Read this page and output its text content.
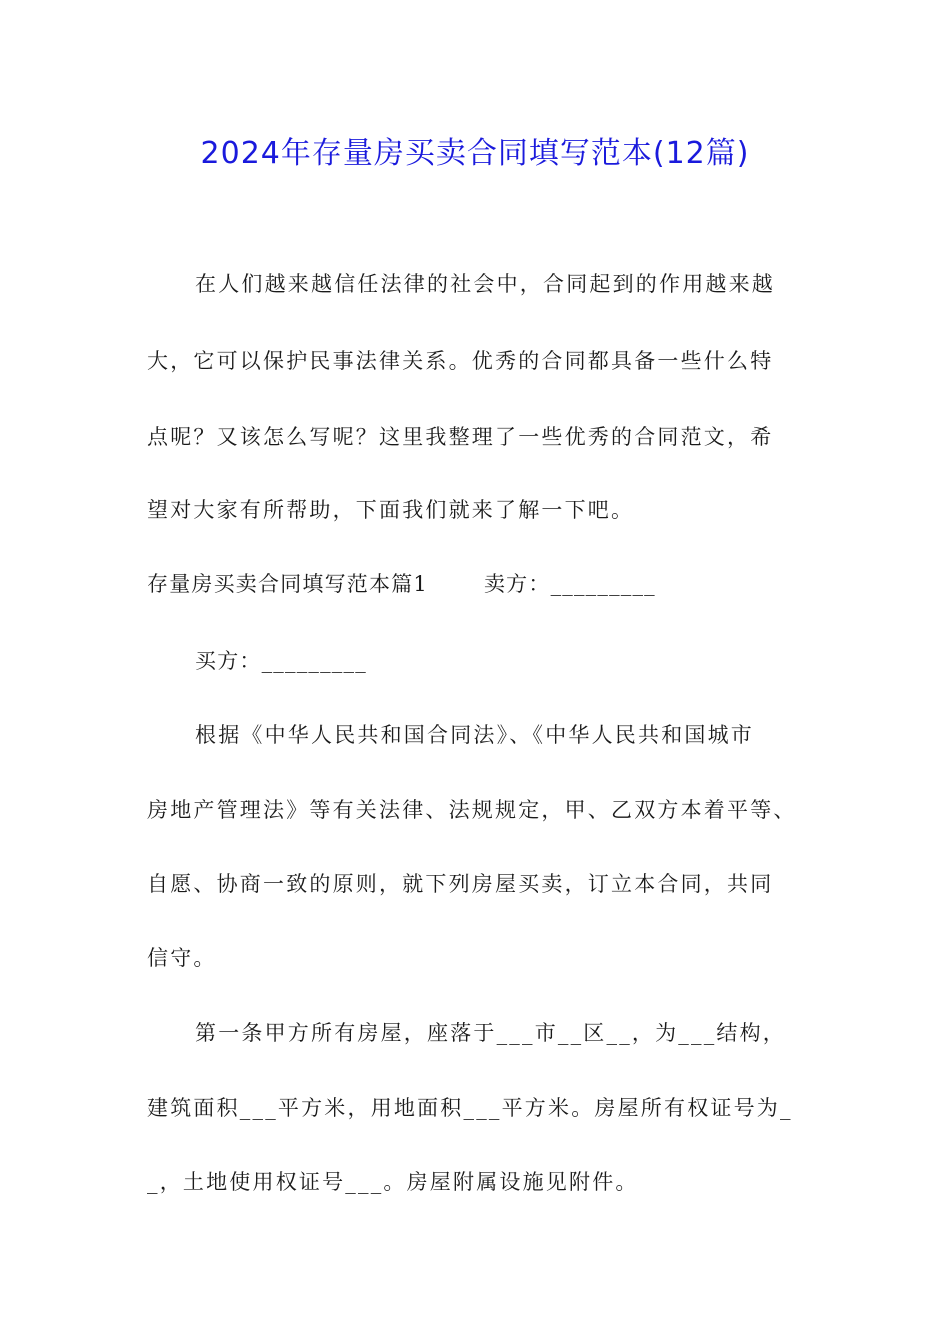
2024年存量房买卖合同填写范本(12篇)
在人们越来越信任法律的社会中，合同起到的作用越来越
大，它可以保护民事法律关系。优秀的合同都具备一些什么特
点呢？又该怎么写呢？这里我整理了一些优秀的合同范文，希
望对大家有所帮助，下面我们就来了解一下吧。
存量房买卖合同填写范本篇1	卖方：_________
买方：_________
根据《中华人民共和国合同法》、《中华人民共和国城市
房地产管理法》等有关法律、法规规定，甲、乙双方本着平等、
自愿、协商一致的原则，就下列房屋买卖，订立本合同，共同
信守。
第一条甲方所有房屋，座落于___市__区__，为___结构，
建筑面积___平方米，用地面积___平方米。房屋所有权证号为_
_，土地使用权证号___。房屋附属设施见附件。
